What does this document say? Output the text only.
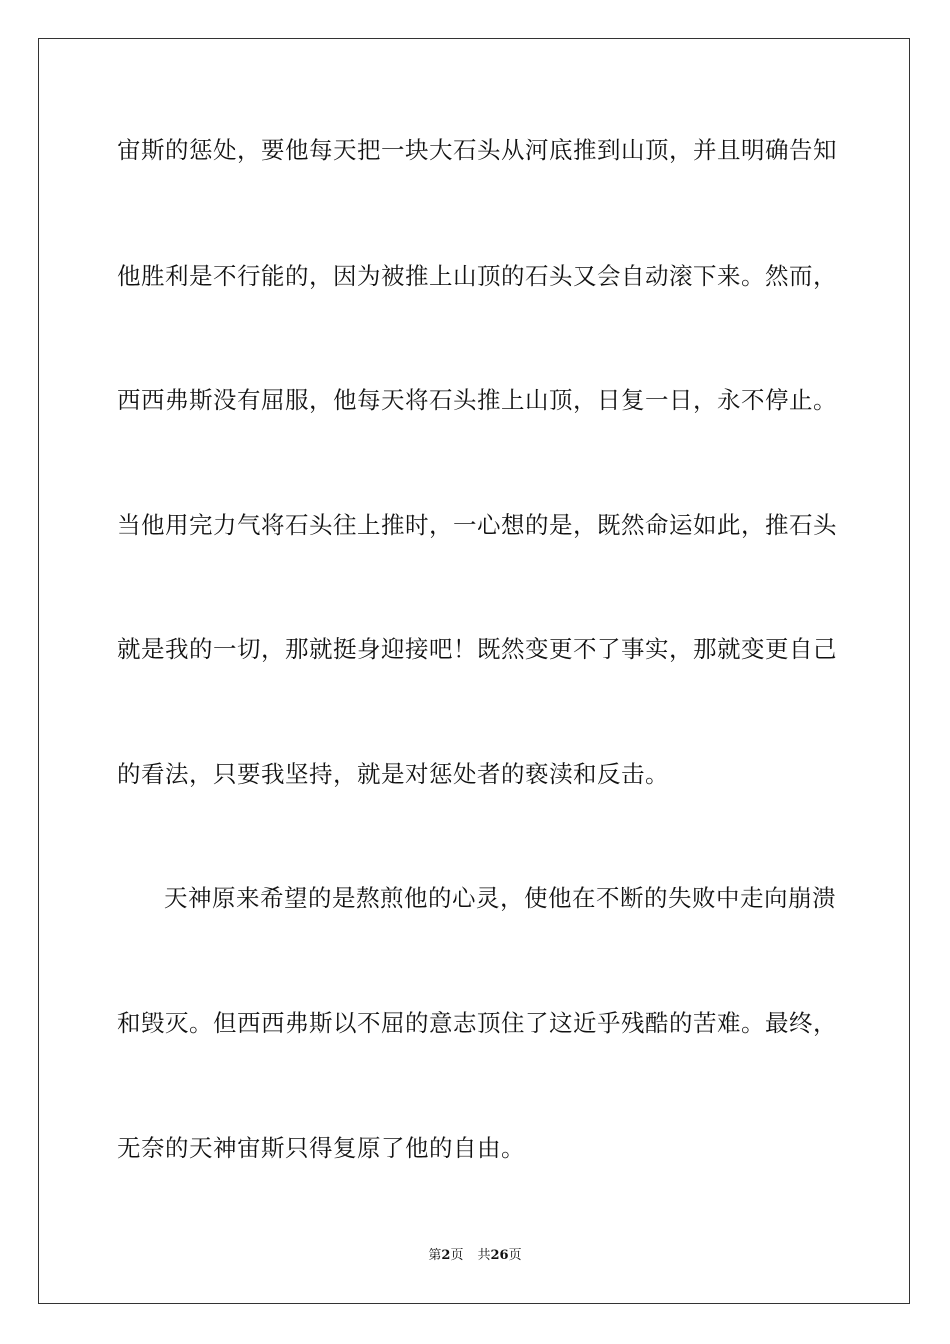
宙斯的惩处，要他每天把一块大石头从河底推到山顶，并且明确告知
他胜利是不行能的，因为被推上山顶的石头又会自动滚下来。然而，
西西弗斯没有屈服，他每天将石头推上山顶，日复一日，永不停止。
当他用完力气将石头往上推时，一心想的是，既然命运如此，推石头
就是我的一切，那就挺身迎接吧！既然变更不了事实，那就变更自己
的看法，只要我坚持，就是对惩处者的亵渎和反击。
天神原来希望的是熬煎他的心灵，使他在不断的失败中走向崩溃
和毁灭。但西西弗斯以不屈的意志顶住了这近乎残酷的苦难。最终，
无奈的天神宙斯只得复原了他的自由。
第2页 共26页
